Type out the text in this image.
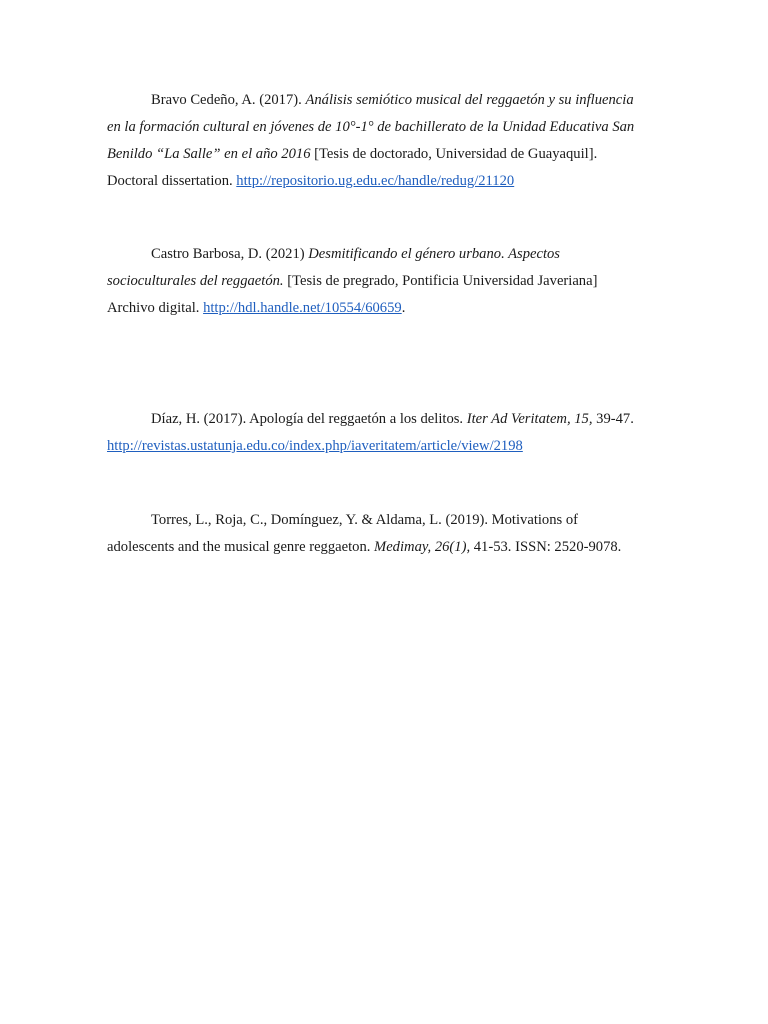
Bravo Cedeño, A. (2017). Análisis semiótico musical del reggaetón y su influencia
en la formación cultural en jóvenes de 10°-1° de bachillerato de la Unidad Educativa San
Benildo “La Salle” en el año 2016 [Tesis de doctorado, Universidad de Guayaquil].
Doctoral dissertation. http://repositorio.ug.edu.ec/handle/redug/21120

Castro Barbosa, D. (2021) Desmitificando el género urbano. Aspectos
socioculturales del reggaetón. [Tesis de pregrado, Pontificia Universidad Javeriana]
Archivo digital. http://hdl.handle.net/10554/60659.

Díaz, H. (2017). Apología del reggaetón a los delitos. Iter Ad Veritatem, 15, 39-47.
http://revistas.ustatunja.edu.co/index.php/iaveritatem/article/view/2198

Torres, L., Roja, C., Domínguez, Y. & Aldama, L. (2019). Motivations of
adolescents and the musical genre reggaeton. Medimay, 26(1), 41-53. ISSN: 2520-9078.
